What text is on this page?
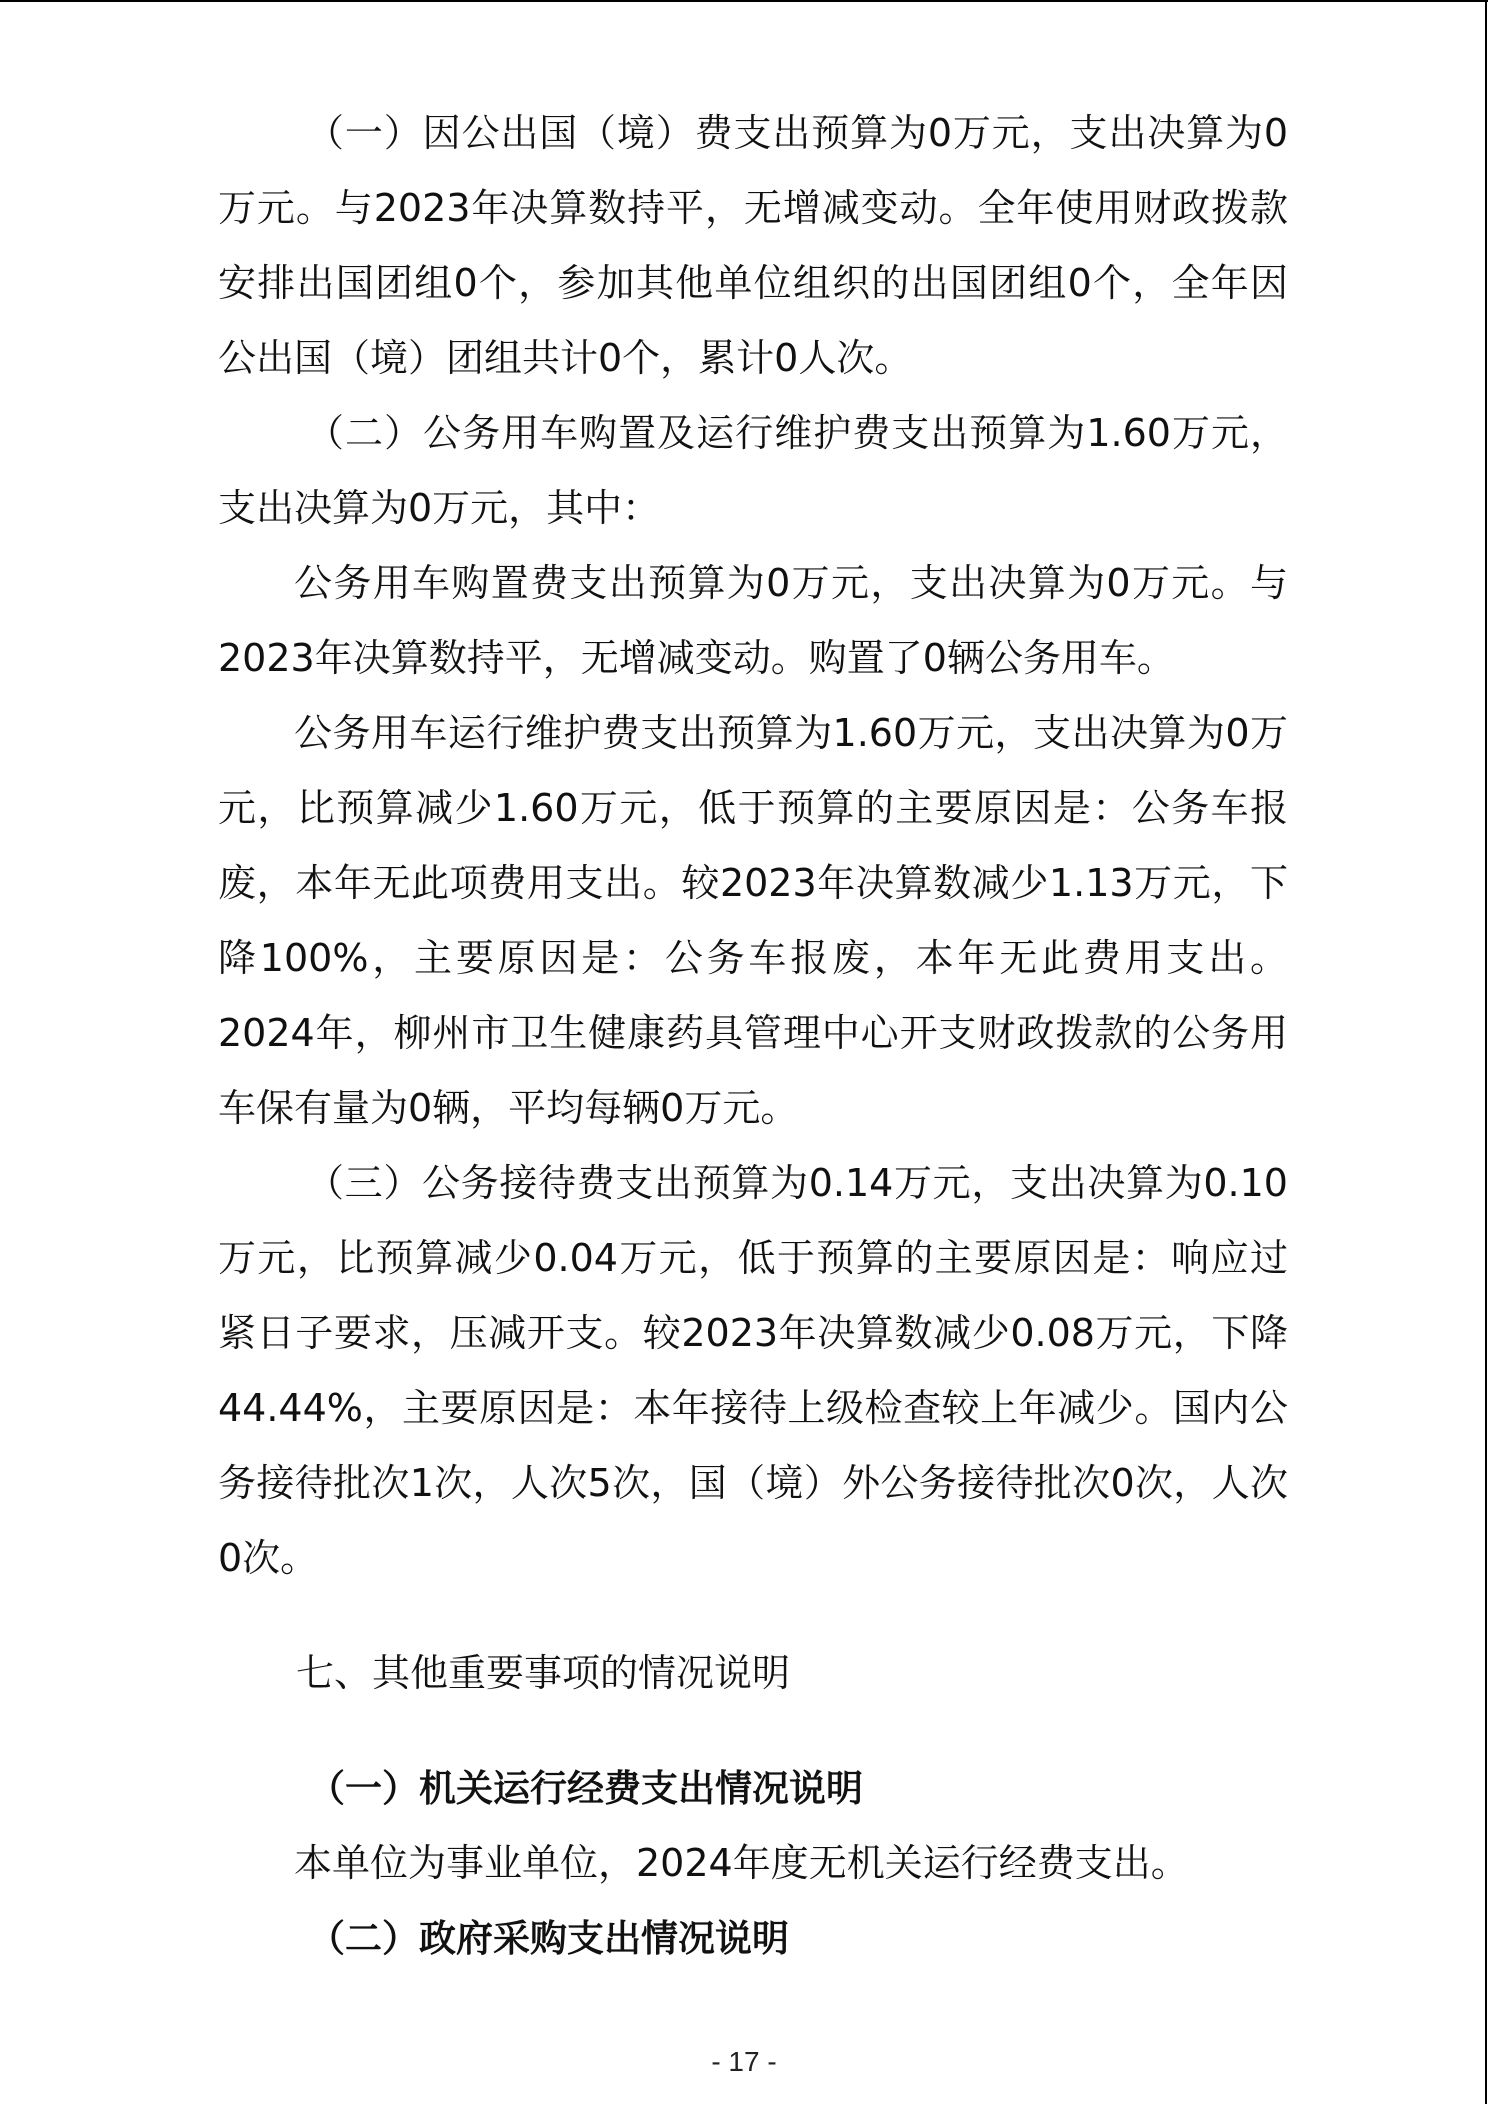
（一）因公出国（境）费支出预算为0万元，支出决算为0万元。与2023年决算数持平，无增减变动。全年使用财政拨款安排出国团组0个，参加其他单位组织的出国团组0个，全年因公出国（境）团组共计0个，累计0人次。

（二）公务用车购置及运行维护费支出预算为1.60万元，支出决算为0万元，其中：

公务用车购置费支出预算为0万元，支出决算为0万元。与2023年决算数持平，无增减变动。购置了0辆公务用车。

公务用车运行维护费支出预算为1.60万元，支出决算为0万元，比预算减少1.60万元，低于预算的主要原因是：公务车报废，本年无此项费用支出。较2023年决算数减少1.13万元，下降100%，主要原因是：公务车报废，本年无此费用支出。2024年，柳州市卫生健康药具管理中心开支财政拨款的公务用车保有量为0辆，平均每辆0万元。

（三）公务接待费支出预算为0.14万元，支出决算为0.10万元，比预算减少0.04万元，低于预算的主要原因是：响应过紧日子要求，压减开支。较2023年决算数减少0.08万元，下降44.44%，主要原因是：本年接待上级检查较上年减少。国内公务接待批次1次，人次5次，国（境）外公务接待批次0次，人次0次。

七、其他重要事项的情况说明
（一）机关运行经费支出情况说明

本单位为事业单位，2024年度无机关运行经费支出。

（二）政府采购支出情况说明
- 17 -
